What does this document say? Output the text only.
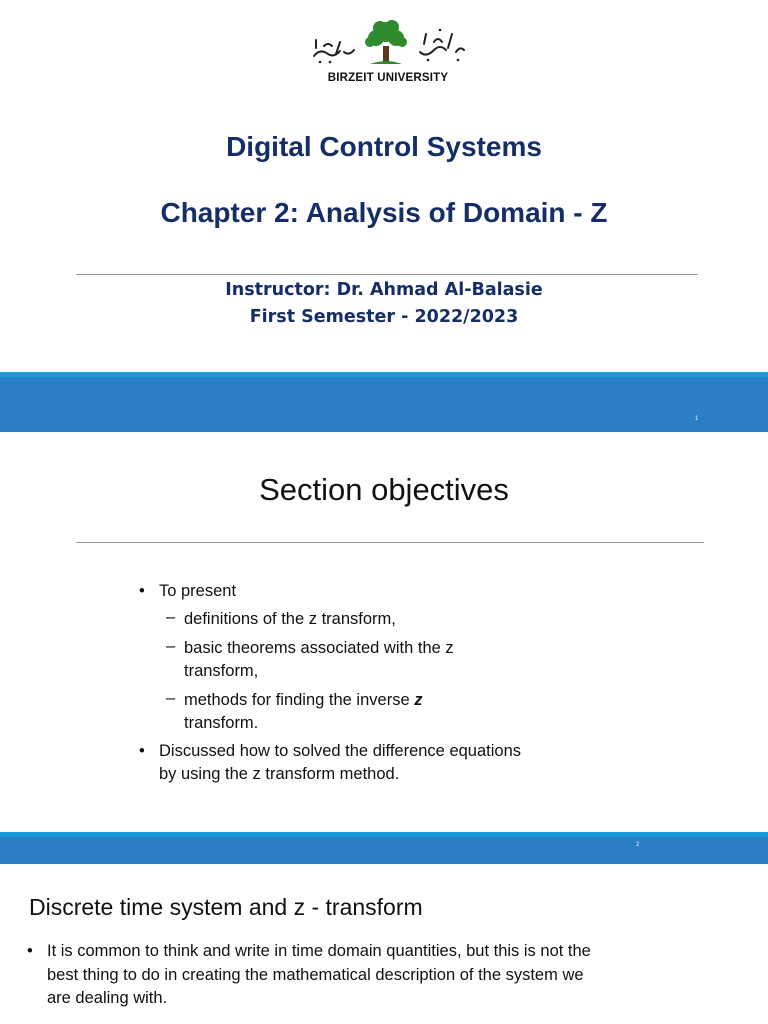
BIRZEIT UNIVERSITY
Digital Control Systems
Chapter 2: Analysis of Domain - Z
Instructor: Dr. Ahmad Al-Balasie
First Semester - 2022/2023
1
Section objectives
• To present
– definitions of the z transform,
– basic theorems associated with the z
transform,
– methods for finding the inverse z
transform.
• Discussed how to solved the difference equations
by using the z transform method.
2
Discrete time system and z - transform
• It is common to think and write in time domain quantities, but this is not the
best thing to do in creating the mathematical description of the system we
are dealing with.
